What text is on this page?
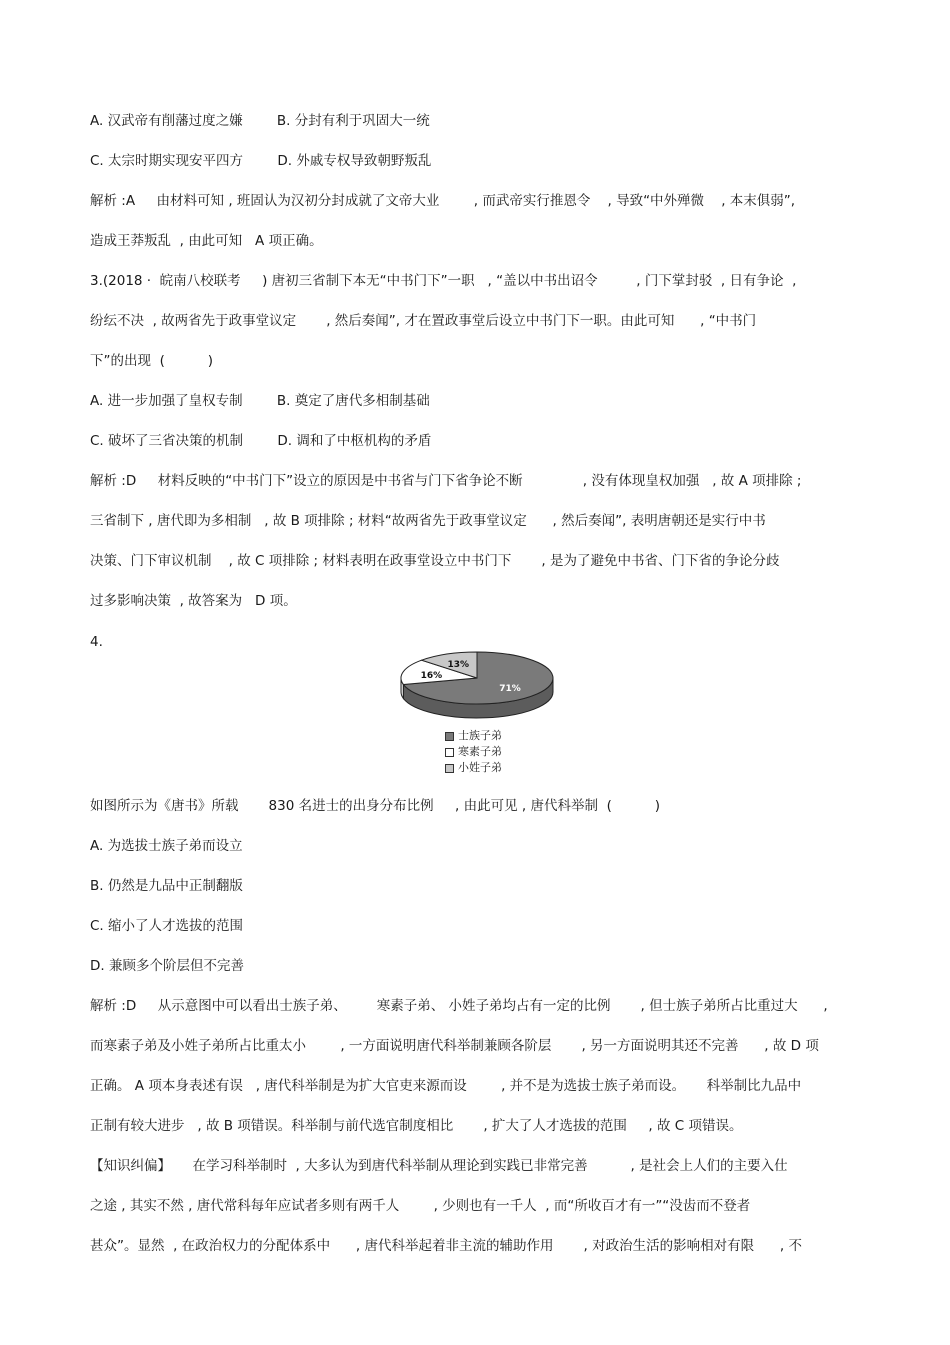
A. 汉武帝有削藩过度之嫌        B. 分封有利于巩固大一统
C. 太宗时期实现安平四方        D. 外戚专权导致朝野叛乱
解析 :A     由材料可知 , 班固认为汉初分封成就了文帝大业        , 而武帝实行推恩令    , 导致“中外殚微    , 本末俱弱”,
造成王莽叛乱  , 由此可知   A 项正确。
3.(2018 ·  皖南八校联考     ) 唐初三省制下本无“中书门下”一职   , “盖以中书出诏令         , 门下掌封驳  , 日有争论  ,
纷纭不决  , 故两省先于政事堂议定       , 然后奏闻”, 才在置政事堂后设立中书门下一职。由此可知      , “中书门
下”的出现  (          )
A. 进一步加强了皇权专制        B. 奠定了唐代多相制基础
C. 破坏了三省决策的机制        D. 调和了中枢机构的矛盾
解析 :D     材料反映的“中书门下”设立的原因是中书省与门下省争论不断              , 没有体现皇权加强   , 故 A 项排除 ;
三省制下 , 唐代即为多相制   , 故 B 项排除 ; 材料“故两省先于政事堂议定      , 然后奏闻”, 表明唐朝还是实行中书
决策、门下审议机制    , 故 C 项排除 ; 材料表明在政事堂设立中书门下       , 是为了避免中书省、门下省的争论分歧
过多影响决策  , 故答案为   D 项。
4.
71%
16%
13%
士族子弟
寒素子弟
小姓子弟
如图所示为《唐书》所载       830 名进士的出身分布比例     , 由此可见 , 唐代科举制  (          )
A. 为选拔士族子弟而设立
B. 仍然是九品中正制翻版
C. 缩小了人才选拔的范围
D. 兼顾多个阶层但不完善
解析 :D     从示意图中可以看出士族子弟、       寒素子弟、 小姓子弟均占有一定的比例       , 但士族子弟所占比重过大      ,
而寒素子弟及小姓子弟所占比重太小        , 一方面说明唐代科举制兼顾各阶层       , 另一方面说明其还不完善      , 故 D 项
正确。 A 项本身表述有误   , 唐代科举制是为扩大官吏来源而设        , 并不是为选拔士族子弟而设。     科举制比九品中
正制有较大进步   , 故 B 项错误。科举制与前代选官制度相比       , 扩大了人才选拔的范围     , 故 C 项错误。
【知识纠偏】     在学习科举制时  , 大多认为到唐代科举制从理论到实践已非常完善          , 是社会上人们的主要入仕
之途 , 其实不然 , 唐代常科每年应试者多则有两千人        , 少则也有一千人  , 而“所收百才有一”“没齿而不登者
甚众”。显然  , 在政治权力的分配体系中      , 唐代科举起着非主流的辅助作用       , 对政治生活的影响相对有限      , 不
